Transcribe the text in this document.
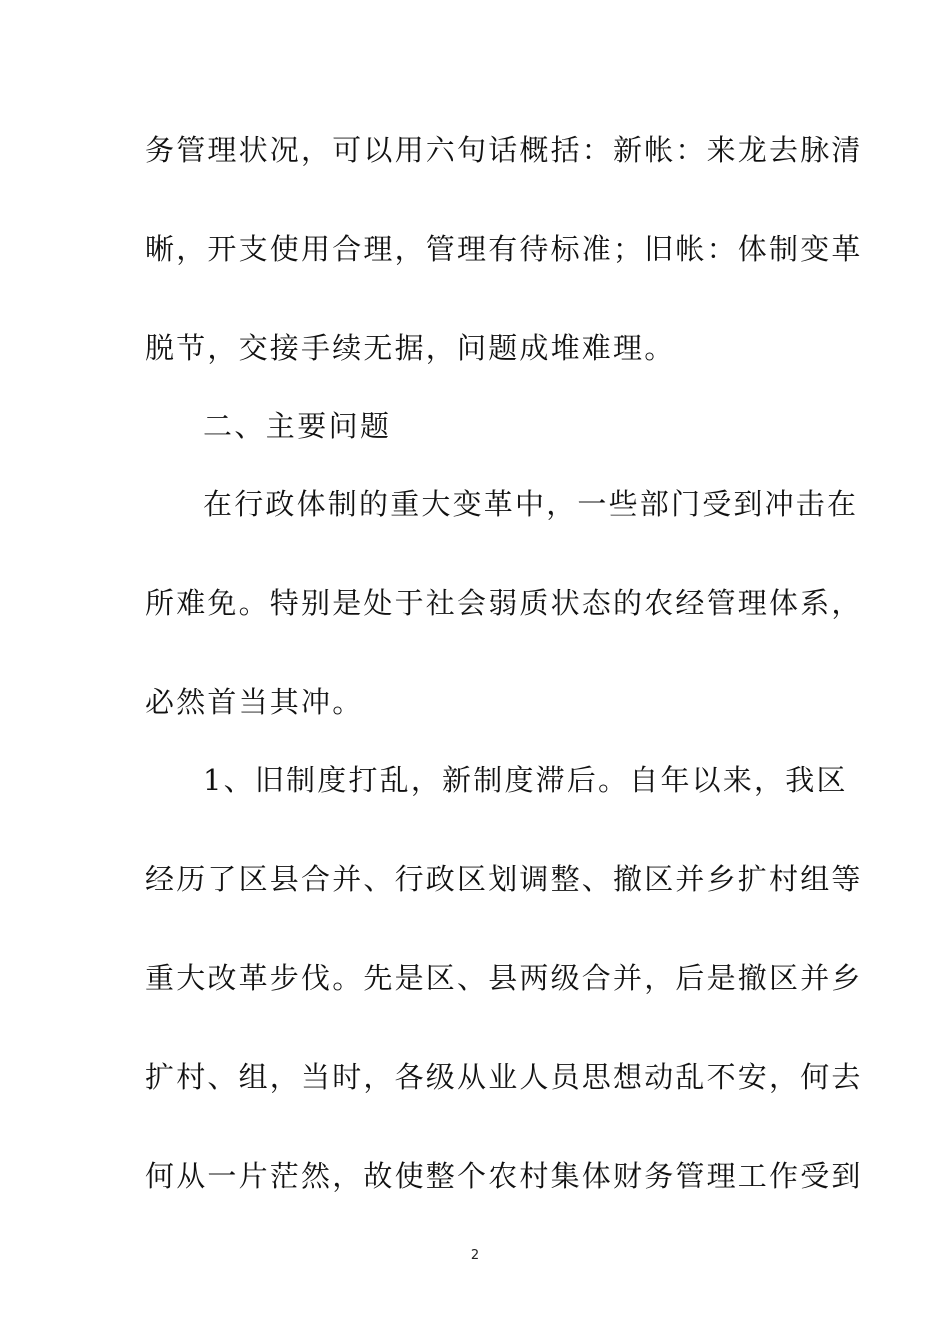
务管理状况，可以用六句话概括：新帐：来龙去脉清
晰，开支使用合理，管理有待标准；旧帐：体制变革
脱节，交接手续无据，问题成堆难理。
二、主要问题
在行政体制的重大变革中，一些部门受到冲击在
所难免。特别是处于社会弱质状态的农经管理体系，
必然首当其冲。
1、旧制度打乱，新制度滞后。自年以来，我区
经历了区县合并、行政区划调整、撤区并乡扩村组等
重大改革步伐。先是区、县两级合并，后是撤区并乡
扩村、组，当时，各级从业人员思想动乱不安，何去
何从一片茫然，故使整个农村集体财务管理工作受到
2
